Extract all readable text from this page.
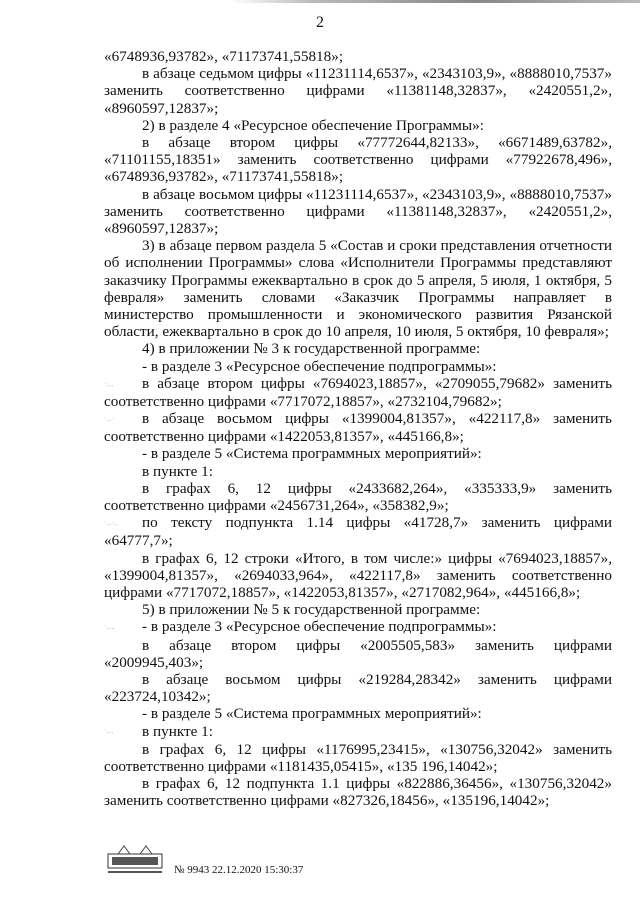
2

«6748936,93782», «71173741,55818»;

в абзаце седьмом цифры «11231114,6537», «2343103,9», «8888010,7537» заменить соответственно цифрами «11381148,32837», «2420551,2», «8960597,12837»;

2) в разделе 4 «Ресурсное обеспечение Программы»:

в абзаце втором цифры «77772644,82133», «6671489,63782», «71101155,18351» заменить соответственно цифрами «77922678,496», «6748936,93782», «71173741,55818»;

в абзаце восьмом цифры «11231114,6537», «2343103,9», «8888010,7537» заменить соответственно цифрами «11381148,32837», «2420551,2», «8960597,12837»;

3) в абзаце первом раздела 5 «Состав и сроки представления отчетности об исполнении Программы» слова «Исполнители Программы представляют заказчику Программы ежеквартально в срок до 5 апреля, 5 июля, 1 октября, 5 февраля» заменить словами «Заказчик Программы направляет в министерство промышленности и экономического развития Рязанской области, ежеквартально в срок до 10 апреля, 10 июля, 5 октября, 10 февраля»;

4) в приложении № 3 к государственной программе:

- в разделе 3 «Ресурсное обеспечение подпрограммы»:

·.,., в абзаце втором цифры «7694023,18857», «2709055,79682» заменить соответственно цифрами «7717072,18857», «2732104,79682»;

·.,.· в абзаце восьмом цифры «1399004,81357», «422117,8» заменить соответственно цифрами «1422053,81357», «445166,8»;

- в разделе 5 «Система программных мероприятий»:

в пункте 1:

в графах 6, 12 цифры «2433682,264», «335333,9» заменить соответственно цифрами «2456731,264», «358382,9»;

·.,.·., по тексту подпункта 1.14 цифры «41728,7» заменить цифрами «64777,7»;

в графах 6, 12 строки «Итого, в том числе:» цифры «7694023,18857», «1399004,81357», «2694033,964», «422117,8» заменить соответственно цифрами «7717072,18857», «1422053,81357», «2717082,964», «445166,8»;

5) в приложении № 5 к государственной программе:

·.,.,. - в разделе 3 «Ресурсное обеспечение подпрограммы»:

в абзаце втором цифры «2005505,583» заменить цифрами «2009945,403»;

в абзаце восьмом цифры «219284,28342» заменить цифрами «223724,10342»;

- в разделе 5 «Система программных мероприятий»:

·.,., в пункте 1:

в графах 6, 12 цифры «1176995,23415», «130756,32042» заменить соответственно цифрами «1181435,05415», «135 196,14042»;

в графах 6, 12 подпункта 1.1 цифры «822886,36456», «130756,32042» заменить соответственно цифрами «827326,18456», «135196,14042»;

№ 9943 22.12.2020 15:30:37
